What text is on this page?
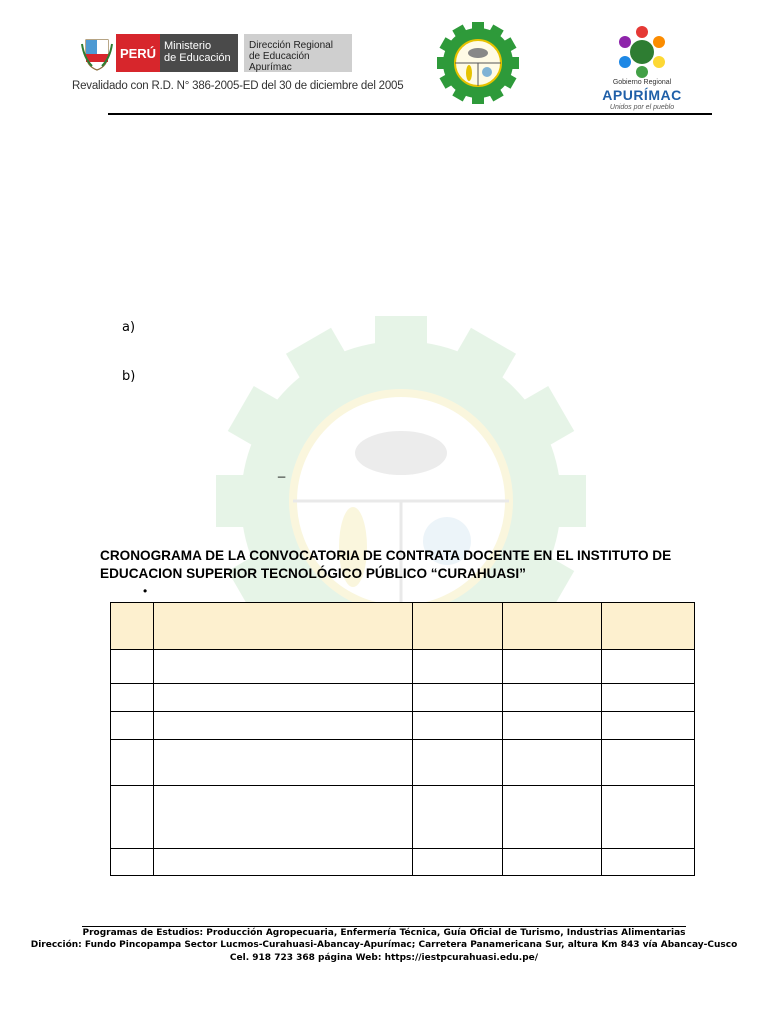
PERÚ Ministerio
de Educación
Dirección Regional
de Educación Apurímac
Revalidado con R.D. N° 386-2005-ED del 30 de diciembre del 2005	Gobierno Regional
APURÍMAC
Unidos por el pueblo
a)
b)
_
CRONOGRAMA DE LA CONVOCATORIA DE CONTRATA DOCENTE EN EL INSTITUTO DE EDUCACION SUPERIOR TECNOLÓGICO PÚBLICO “CURAHUASI”
•

Programas de Estudios: Producción Agropecuaria, Enfermería Técnica, Guía Oficial de Turismo, Industrias Alimentarias
Dirección: Fundo Pincopampa Sector Lucmos-Curahuasi-Abancay-Apurímac; Carretera Panamericana Sur, altura Km 843 vía Abancay-Cusco
Cel. 918 723 368 página Web: https://iestpcurahuasi.edu.pe/
